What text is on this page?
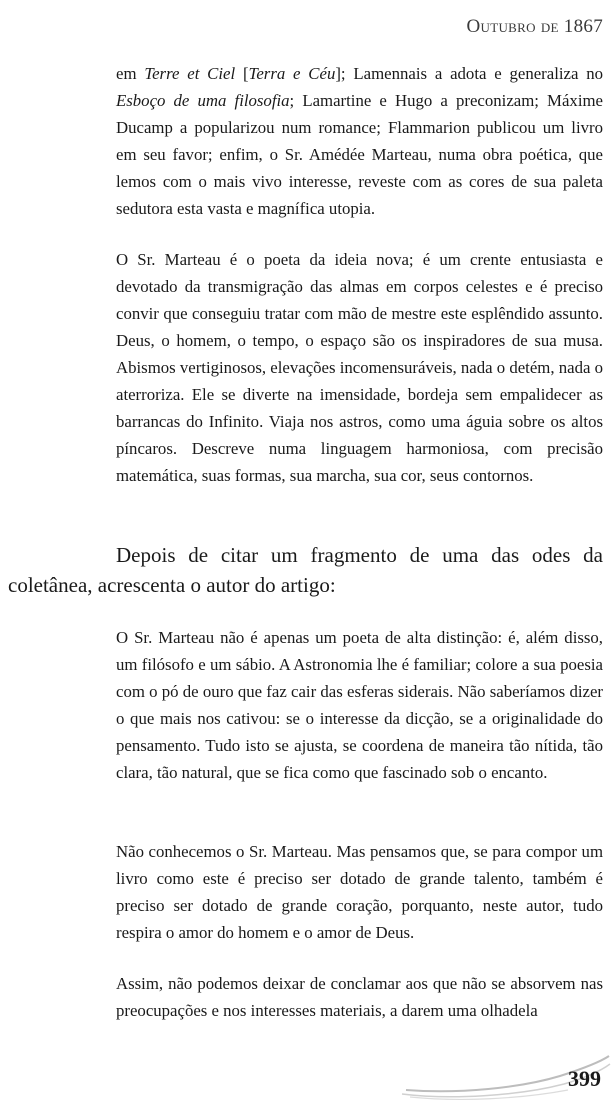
Outubro de 1867

em Terre et Ciel [Terra e Céu]; Lamennais a adota e generaliza no Esboço de uma filosofia; Lamartine e Hugo a preconizam; Máxime Ducamp a popularizou num romance; Flammarion publicou um livro em seu favor; enfim, o Sr. Amédée Marteau, numa obra poética, que lemos com o mais vivo interesse, reveste com as cores de sua paleta sedutora esta vasta e magnífica utopia.

O Sr. Marteau é o poeta da ideia nova; é um crente entusiasta e devotado da transmigração das almas em corpos celestes e é preciso convir que conseguiu tratar com mão de mestre este esplêndido assunto. Deus, o homem, o tempo, o espaço são os inspiradores de sua musa. Abismos vertiginosos, elevações incomensuráveis, nada o detém, nada o aterroriza. Ele se diverte na imensidade, bordeja sem empalidecer as barrancas do Infinito. Viaja nos astros, como uma águia sobre os altos píncaros. Descreve numa linguagem harmoniosa, com precisão matemática, suas formas, sua marcha, sua cor, seus contornos.

Depois de citar um fragmento de uma das odes da coletânea, acrescenta o autor do artigo:

O Sr. Marteau não é apenas um poeta de alta distinção: é, além disso, um filósofo e um sábio. A Astronomia lhe é familiar; colore a sua poesia com o pó de ouro que faz cair das esferas siderais. Não saberíamos dizer o que mais nos cativou: se o interesse da dicção, se a originalidade do pensamento. Tudo isto se ajusta, se coordena de maneira tão nítida, tão clara, tão natural, que se fica como que fascinado sob o encanto.

Não conhecemos o Sr. Marteau. Mas pensamos que, se para compor um livro como este é preciso ser dotado de grande talento, também é preciso ser dotado de grande coração, porquanto, neste autor, tudo respira o amor do homem e o amor de Deus.

Assim, não podemos deixar de conclamar aos que não se absorvem nas preocupações e nos interesses materiais, a darem uma olhadela

399
